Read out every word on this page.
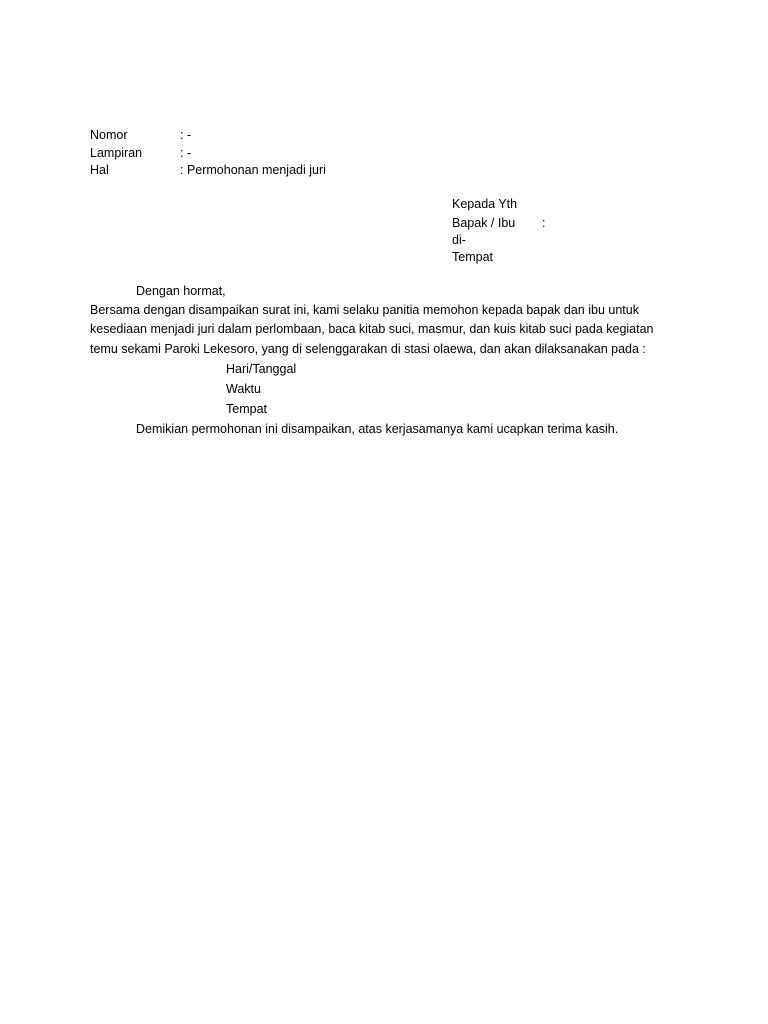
Nomor	: -
Lampiran	: -
Hal	: Permohonan menjadi juri
Kepada Yth
Bapak / Ibu :
di-
Tempat
Dengan hormat,
Bersama dengan disampaikan surat ini, kami selaku panitia memohon kepada bapak dan ibu untuk
kesediaan menjadi juri dalam perlombaan, baca kitab suci, masmur, dan kuis kitab suci pada kegiatan
temu sekami Paroki Lekesoro, yang di selenggarakan di stasi olaewa, dan akan dilaksanakan pada :
Hari/Tanggal
Waktu
Tempat
Demikian permohonan ini disampaikan, atas kerjasamanya kami ucapkan terima kasih.
